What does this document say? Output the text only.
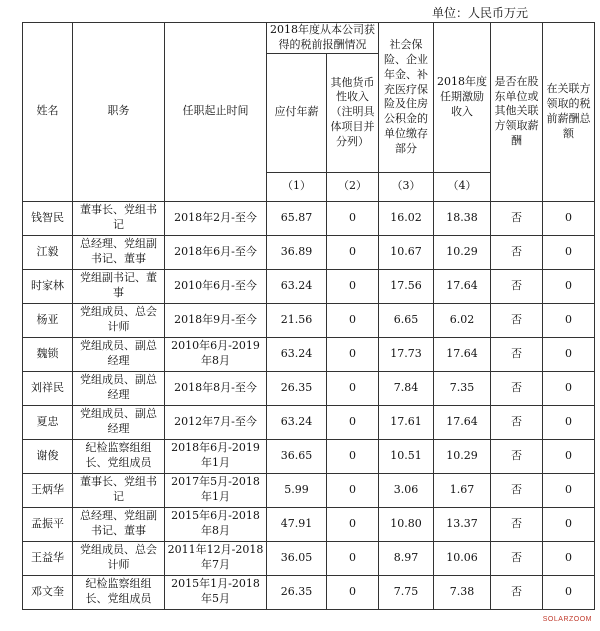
单位：人民币万元
姓名	职务	任职起止时间	2018年度从本公司获得的税前报酬情况		社会保险、企业年金、补充医疗保险及住房公积金的单位缴存部分	2018年度任期激励收入	是否在股东单位或其他关联方领取薪酬	在关联方领取的税前薪酬总额
			应付年薪	其他货币性收入（注明具体项目并分列）				
			（1）	（2）	（3）	（4）		
钱智民	董事长、党组书记	2018年2月-至今	65.87	0	16.02	18.38	否	0
江毅	总经理、党组副书记、董事	2018年6月-至今	36.89	0	10.67	10.29	否	0
时家林	党组副书记、董事	2010年6月-至今	63.24	0	17.56	17.64	否	0
杨亚	党组成员、总会计师	2018年9月-至今	21.56	0	6.65	6.02	否	0
魏锁	党组成员、副总经理	2010年6月-2019年8月	63.24	0	17.73	17.64	否	0
刘祥民	党组成员、副总经理	2018年8月-至今	26.35	0	7.84	7.35	否	0
夏忠	党组成员、副总经理	2012年7月-至今	63.24	0	17.61	17.64	否	0
谢俊	纪检监察组组长、党组成员	2018年6月-2019年1月	36.65	0	10.51	10.29	否	0
王炳华	董事长、党组书记	2017年5月-2018年1月	5.99	0	3.06	1.67	否	0
孟振平	总经理、党组副书记、董事	2015年6月-2018年8月	47.91	0	10.80	13.37	否	0
王益华	党组成员、总会计师	2011年12月-2018年7月	36.05	0	8.97	10.06	否	0
邓文奎	纪检监察组组长、党组成员	2015年1月-2018年5月	26.35	0	7.75	7.38	否	0
SOLARZOOM
